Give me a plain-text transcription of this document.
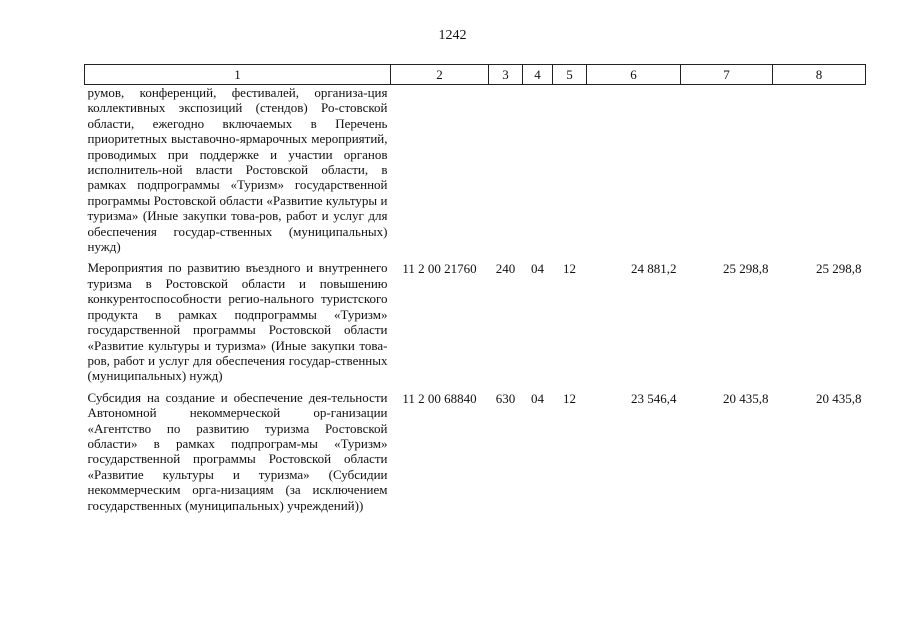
1242
1	2	3	4	5	6	7	8
румов, конференций, фестивалей, организа-ция коллективных экспозиций (стендов) Ро-стовской области, ежегодно включаемых в Перечень приоритетных выставочно-ярмарочных мероприятий, проводимых при поддержке и участии органов исполнитель-ной власти Ростовской области, в рамках подпрограммы «Туризм» государственной программы Ростовской области «Развитие культуры и туризма» (Иные закупки това-ров, работ и услуг для обеспечения государ-ственных (муниципальных) нужд)							

Мероприятия по развитию въездного и внутреннего туризма в Ростовской области и повышению конкурентоспособности регио-нального туристского продукта в рамках подпрограммы «Туризм» государственной программы Ростовской области «Развитие культуры и туризма» (Иные закупки това-ров, работ и услуг для обеспечения государ-ственных (муниципальных) нужд)	11 2 00 21760	240	04	12	24 881,2	25 298,8	25 298,8

Субсидия на создание и обеспечение дея-тельности Автономной некоммерческой ор-ганизации «Агентство по развитию туризма Ростовской области» в рамках подпрограм-мы «Туризм» государственной программы Ростовской области «Развитие культуры и туризма» (Субсидии некоммерческим орга-низациям (за исключением государственных (муниципальных) учреждений))	11 2 00 68840	630	04	12	23 546,4	20 435,8	20 435,8
